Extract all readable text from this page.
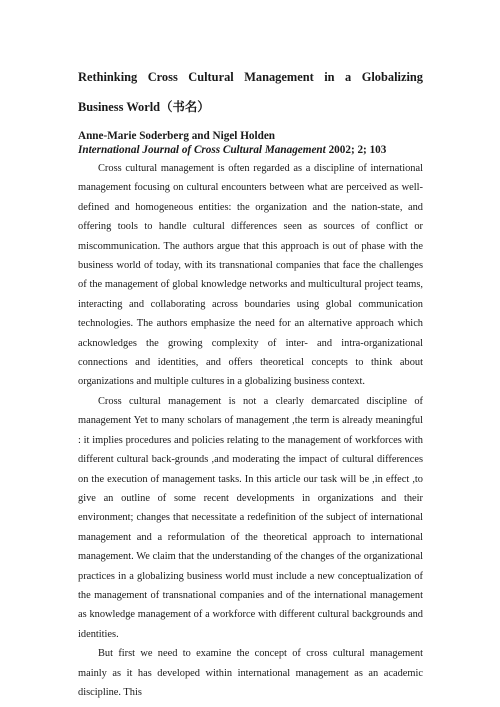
Rethinking Cross Cultural Management in a Globalizing Business World（书名）
Anne-Marie Soderberg and Nigel Holden
International Journal of Cross Cultural Management 2002; 2; 103

Cross cultural management is often regarded as a discipline of international management focusing on cultural encounters between what are perceived as well-defined and homogeneous entities: the organization and the nation-state, and offering tools to handle cultural differences seen as sources of conflict or miscommunication. The authors argue that this approach is out of phase with the business world of today, with its transnational companies that face the challenges of the management of global knowledge networks and multicultural project teams, interacting and collaborating across boundaries using global communication technologies. The authors emphasize the need for an alternative approach which acknowledges the growing complexity of inter- and intra-organizational connections and identities, and offers theoretical concepts to think about organizations and multiple cultures in a globalizing business context.

Cross cultural management is not a clearly demarcated discipline of management Yet to many scholars of management ,the term is already meaningful : it implies procedures and policies relating to the management of workforces with different cultural back-grounds ,and moderating the impact of cultural differences on the execution of management tasks. In this article our task will be ,in effect ,to give an outline of some recent developments in organizations and their environment; changes that necessitate a redefinition of the subject of international management and a reformulation of the theoretical approach to international management. We claim that the understanding of the changes of the organizational practices in a globalizing business world must include a new conceptualization of the management of transnational companies and of the international management as knowledge management of a workforce with different cultural backgrounds and identities.

But first we need to examine the concept of cross cultural management mainly as it has developed within international management as an academic discipline. This
